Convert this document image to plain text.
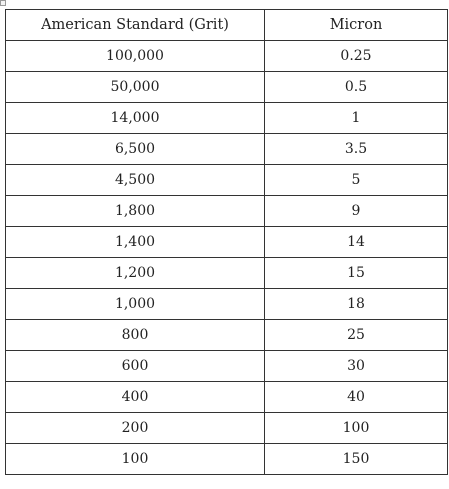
American Standard (Grit)	Micron
100,000	0.25
50,000	0.5
14,000	1
6,500	3.5
4,500	5
1,800	9
1,400	14
1,200	15
1,000	18
800	25
600	30
400	40
200	100
100	150
